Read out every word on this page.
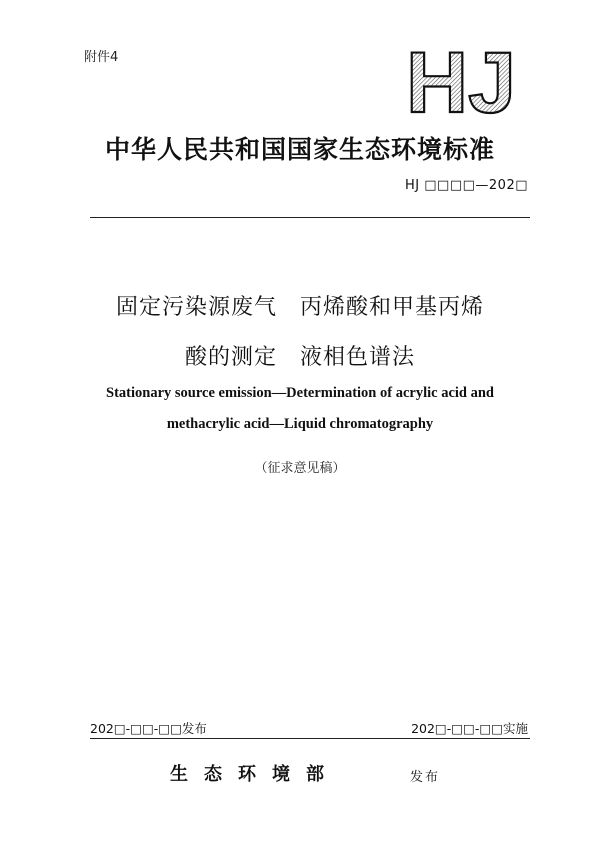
附件4	HJ
中华人民共和国国家生态环境标准
HJ □□□□—202□
固定污染源废气　丙烯酸和甲基丙烯
酸的测定　液相色谱法
Stationary source emission—Determination of acrylic acid and
methacrylic acid—Liquid chromatography
（征求意见稿）
202□-□□-□□发布	202□-□□-□□实施
生态环境部	发布
